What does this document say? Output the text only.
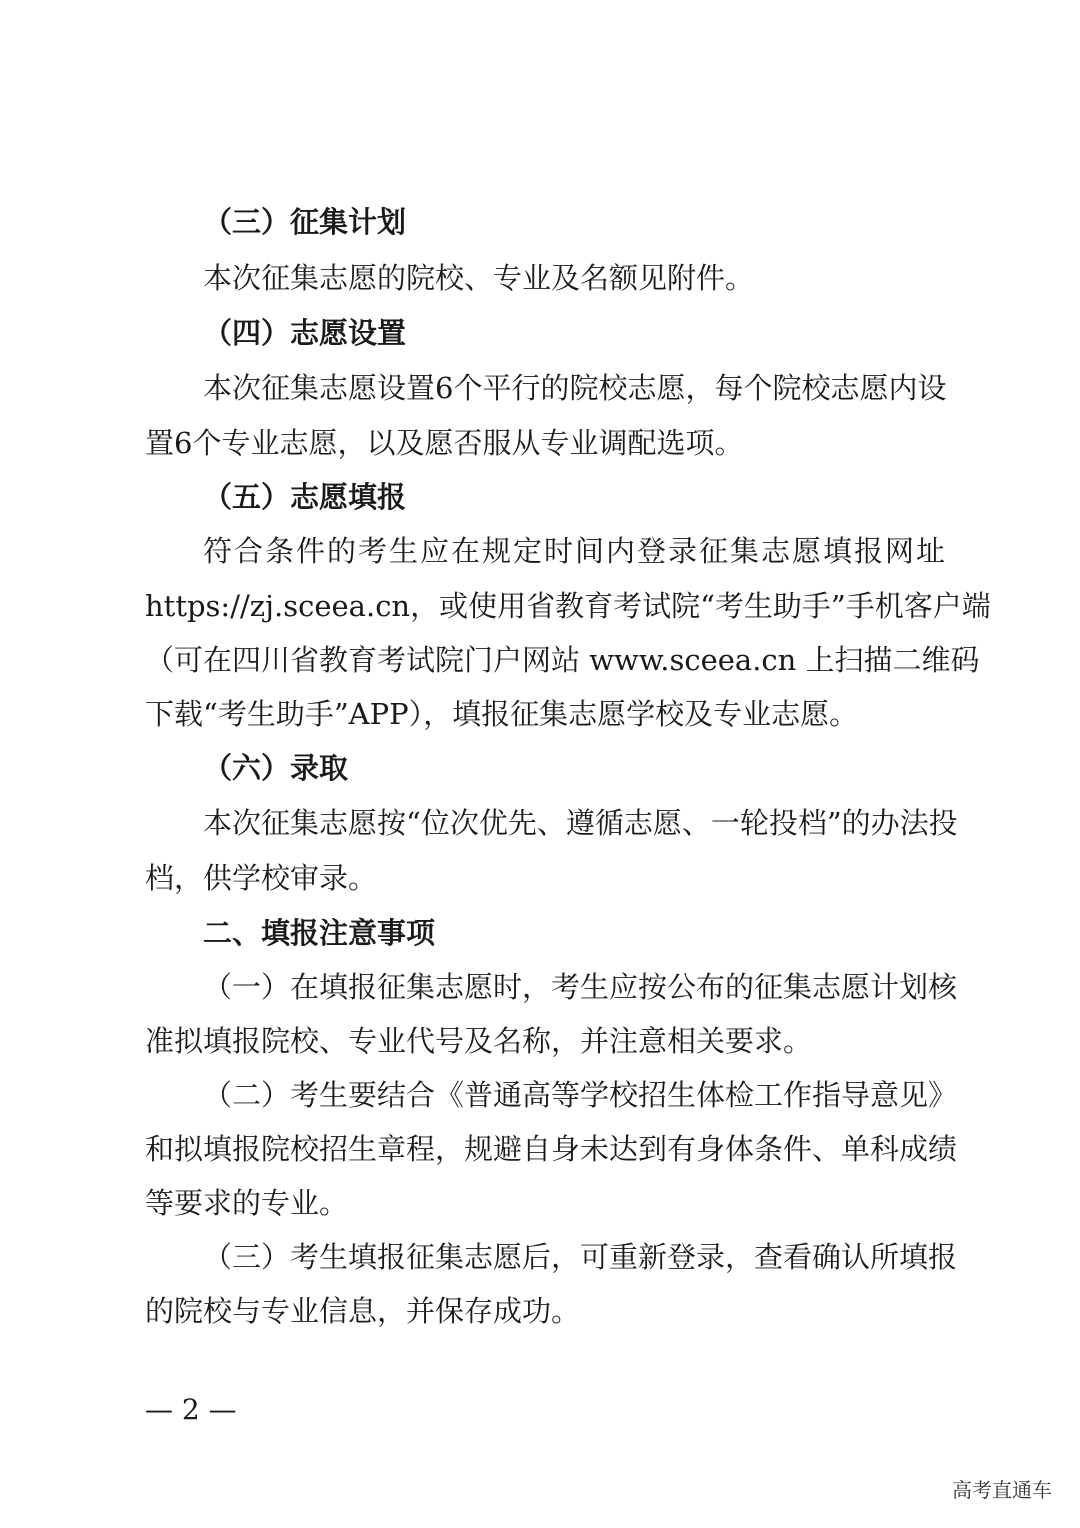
（三）征集计划
本次征集志愿的院校、专业及名额见附件。
（四）志愿设置
本次征集志愿设置6个平行的院校志愿，每个院校志愿内设
置6个专业志愿，以及愿否服从专业调配选项。
（五）志愿填报
符合条件的考生应在规定时间内登录征集志愿填报网址
https://zj.sceea.cn，或使用省教育考试院“考生助手”手机客户端
（可在四川省教育考试院门户网站 www.sceea.cn 上扫描二维码
下载“考生助手”APP），填报征集志愿学校及专业志愿。
（六）录取
本次征集志愿按“位次优先、遵循志愿、一轮投档”的办法投
档，供学校审录。
二、填报注意事项
（一）在填报征集志愿时，考生应按公布的征集志愿计划核
准拟填报院校、专业代号及名称，并注意相关要求。
（二）考生要结合《普通高等学校招生体检工作指导意见》
和拟填报院校招生章程，规避自身未达到有身体条件、单科成绩
等要求的专业。
（三）考生填报征集志愿后，可重新登录，查看确认所填报
的院校与专业信息，并保存成功。
— 2 —
高考直通车
